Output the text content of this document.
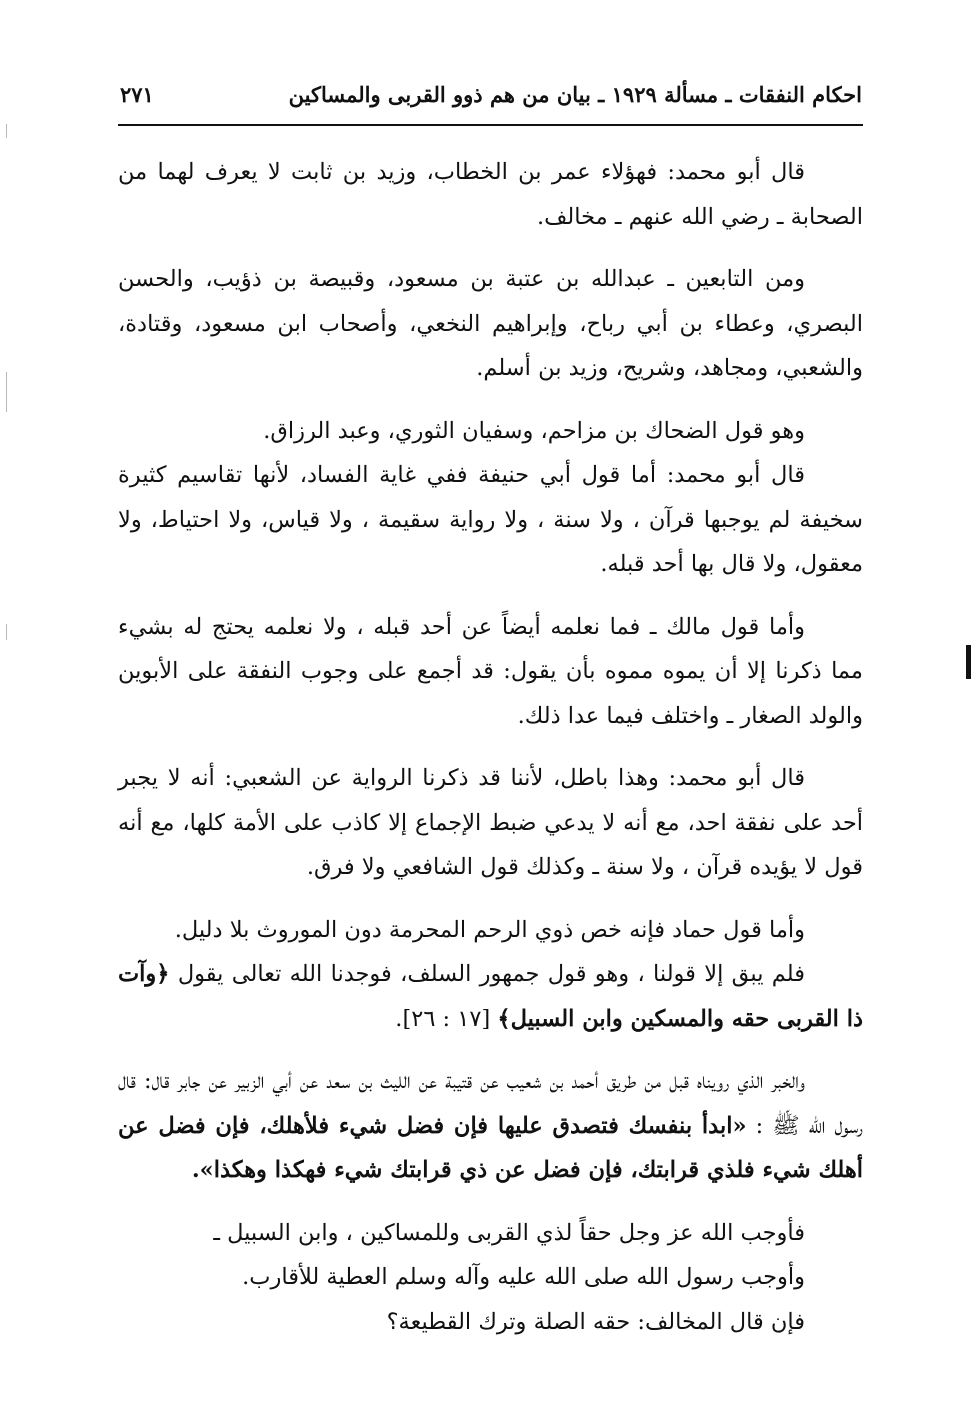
احكام النفقات ـ مسألة ١٩٢٩ ـ بيان من هم ذوو القربى والمساكين
٢٧١

قال أبو محمد: فهؤلاء عمر بن الخطاب، وزيد بن ثابت لا يعرف لهما من الصحابة ـ رضي الله عنهم ـ مخالف.

ومن التابعين ـ عبدالله بن عتبة بن مسعود، وقبيصة بن ذؤيب، والحسن البصري، وعطاء بن أبي رباح، وإبراهيم النخعي، وأصحاب ابن مسعود، وقتادة، والشعبي، ومجاهد، وشريح، وزيد بن أسلم.

وهو قول الضحاك بن مزاحم، وسفيان الثوري، وعبد الرزاق.

قال أبو محمد: أما قول أبي حنيفة ففي غاية الفساد، لأنها تقاسيم كثيرة سخيفة لم يوجبها قرآن ، ولا سنة ، ولا رواية سقيمة ، ولا قياس، ولا احتياط، ولا معقول، ولا قال بها أحد قبله.

وأما قول مالك ـ فما نعلمه أيضاً عن أحد قبله ، ولا نعلمه يحتج له بشيء مما ذكرنا إلا أن يموه مموه بأن يقول: قد أجمع على وجوب النفقة على الأبوين والولد الصغار ـ واختلف فيما عدا ذلك.

قال أبو محمد: وهذا باطل، لأننا قد ذكرنا الرواية عن الشعبي: أنه لا يجبر أحد على نفقة احد، مع أنه لا يدعي ضبط الإجماع إلا كاذب على الأمة كلها، مع أنه قول لا يؤيده قرآن ، ولا سنة ـ وكذلك قول الشافعي ولا فرق.

وأما قول حماد فإنه خص ذوي الرحم المحرمة دون الموروث بلا دليل.

فلم يبق إلا قولنا ، وهو قول جمهور السلف، فوجدنا الله تعالى يقول ﴿وآت ذا القربى حقه والمسكين وابن السبيل﴾ [١٧ : ٢٦].

والخبر الذي رويناه قبل من طريق أحمد بن شعيب عن قتيبة عن الليث بن سعد عن أبي الزبير عن جابر قال: قال رسول الله ﷺ : «ابدأ بنفسك فتصدق عليها فإن فضل شيء فلأهلك، فإن فضل عن أهلك شيء فلذي قرابتك، فإن فضل عن ذي قرابتك شيء فهكذا وهكذا».

فأوجب الله عز وجل حقاً لذي القربى وللمساكين ، وابن السبيل ـ

وأوجب رسول الله صلى الله عليه وآله وسلم العطية للأقارب.

فإن قال المخالف: حقه الصلة وترك القطيعة؟
